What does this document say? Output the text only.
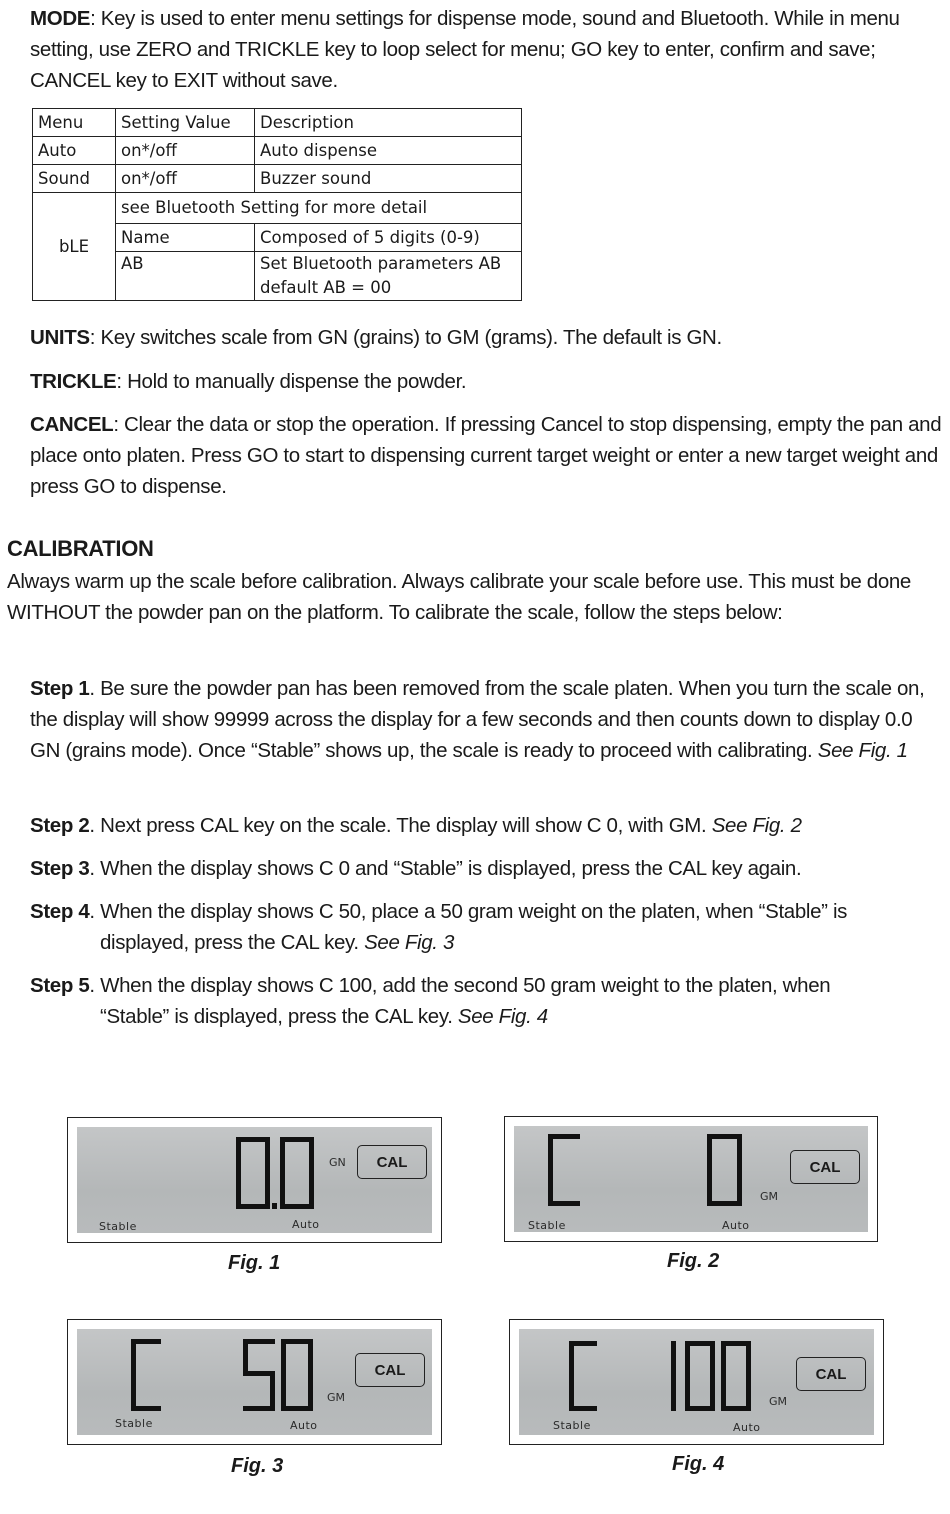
MODE: Key is used to enter menu settings for dispense mode, sound and Bluetooth. While in menu setting, use ZERO and TRICKLE key to loop select for menu; GO key to enter, confirm and save; CANCEL key to EXIT without save.

Menu	Setting Value	Description
Auto	on*/off	Auto dispense
Sound	on*/off	Buzzer sound
bLE	see Bluetooth Setting for more detail	
	Name	Composed of 5 digits (0-9)
	AB	Set Bluetooth parameters AB
default AB = 00

UNITS: Key switches scale from GN (grains) to GM (grams). The default is GN.

TRICKLE: Hold to manually dispense the powder.

CANCEL: Clear the data or stop the operation. If pressing Cancel to stop dispensing, empty the pan and place onto platen. Press GO to start to dispensing current target weight or enter a new target weight and press GO to dispense.

CALIBRATION
Always warm up the scale before calibration. Always calibrate your scale before use. This must be done WITHOUT the powder pan on the platform. To calibrate the scale, follow the steps below:

Step 1. Be sure the powder pan has been removed from the scale platen. When you turn the scale on, the display will show 99999 across the display for a few seconds and then counts down to display 0.0 GN (grains mode). Once “Stable” shows up, the scale is ready to proceed with calibrating. See Fig. 1

Step 2. Next press CAL key on the scale. The display will show C 0, with GM. See Fig. 2

Step 3. When the display shows C 0 and “Stable” is displayed, press the CAL key again.

Step 4. When the display shows C 50, place a 50 gram weight on the platen, when “Stable” is
displayed, press the CAL key. See Fig. 3
Step 5. When the display shows C 100, add the second 50 gram weight to the platen, when
“Stable” is displayed, press the CAL key. See Fig. 4
GN	CAL
Stable	Auto
Fig. 1
GM
CAL
Stable	Auto
Fig. 2
GM
CAL
Stable	Auto
Fig. 3
GM
CAL
Stable	Auto
Fig. 4
